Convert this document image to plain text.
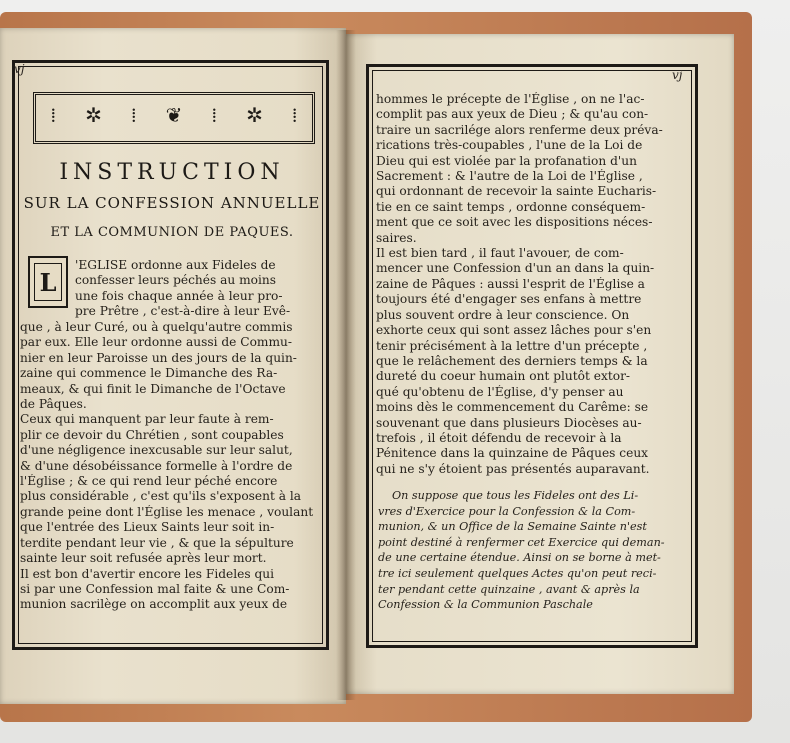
vj	vj
⁞ ✲ ⁞ ❦ ⁞ ✲ ⁞
INSTRUCTION
SUR LA CONFESSION ANNUELLE
ET LA COMMUNION DE PAQUES.
L
'EGLISE ordonne aux Fideles de
confesser leurs péchés au moins
une fois chaque année à leur pro-
pre Prêtre , c'est-à-dire à leur Evê-
que , à leur Curé, ou à quelqu'autre commis
par eux. Elle leur ordonne aussi de Commu-
nier en leur Paroisse un des jours de la quin-
zaine qui commence le Dimanche des Ra-
meaux, & qui finit le Dimanche de l'Octave
de Pâques.
Ceux qui manquent par leur faute à rem-
plir ce devoir du Chrétien , sont coupables
d'une négligence inexcusable sur leur salut,
& d'une désobéissance formelle à l'ordre de
l'Église ; & ce qui rend leur péché encore
plus considérable , c'est qu'ils s'exposent à la
grande peine dont l'Église les menace , voulant
que l'entrée des Lieux Saints leur soit in-
terdite pendant leur vie , & que la sépulture
sainte leur soit refusée après leur mort.
Il est bon d'avertir encore les Fideles qui
si par une Confession mal faite & une Com-
munion sacrilège on accomplit aux yeux de
hommes le précepte de l'Église , on ne l'ac-
complit pas aux yeux de Dieu ; & qu'au con-
traire un sacrilége alors renferme deux préva-
rications très-coupables , l'une de la Loi de
Dieu qui est violée par la profanation d'un
Sacrement : & l'autre de la Loi de l'Église ,
qui ordonnant de recevoir la sainte Eucharis-
tie en ce saint temps , ordonne conséquem-
ment que ce soit avec les dispositions néces-
saires.
Il est bien tard , il faut l'avouer, de com-
mencer une Confession d'un an dans la quin-
zaine de Pâques : aussi l'esprit de l'Église a
toujours été d'engager ses enfans à mettre
plus souvent ordre à leur conscience. On
exhorte ceux qui sont assez lâches pour s'en
tenir précisément à la lettre d'un précepte ,
que le relâchement des derniers temps & la
dureté du coeur humain ont plutôt extor-
qué qu'obtenu de l'Église, d'y penser au
moins dès le commencement du Carême: se
souvenant que dans plusieurs Diocèses au-
trefois , il étoit défendu de recevoir à la
Pénitence dans la quinzaine de Pâques ceux
qui ne s'y étoient pas présentés auparavant.
On suppose que tous les Fideles ont des Li-
vres d'Exercice pour la Confession & la Com-
munion, & un Office de la Semaine Sainte n'est
point destiné à renfermer cet Exercice qui deman-
de une certaine étendue. Ainsi on se borne à met-
tre ici seulement quelques Actes qu'on peut reci-
ter pendant cette quinzaine , avant & après la
Confession & la Communion Paschale
